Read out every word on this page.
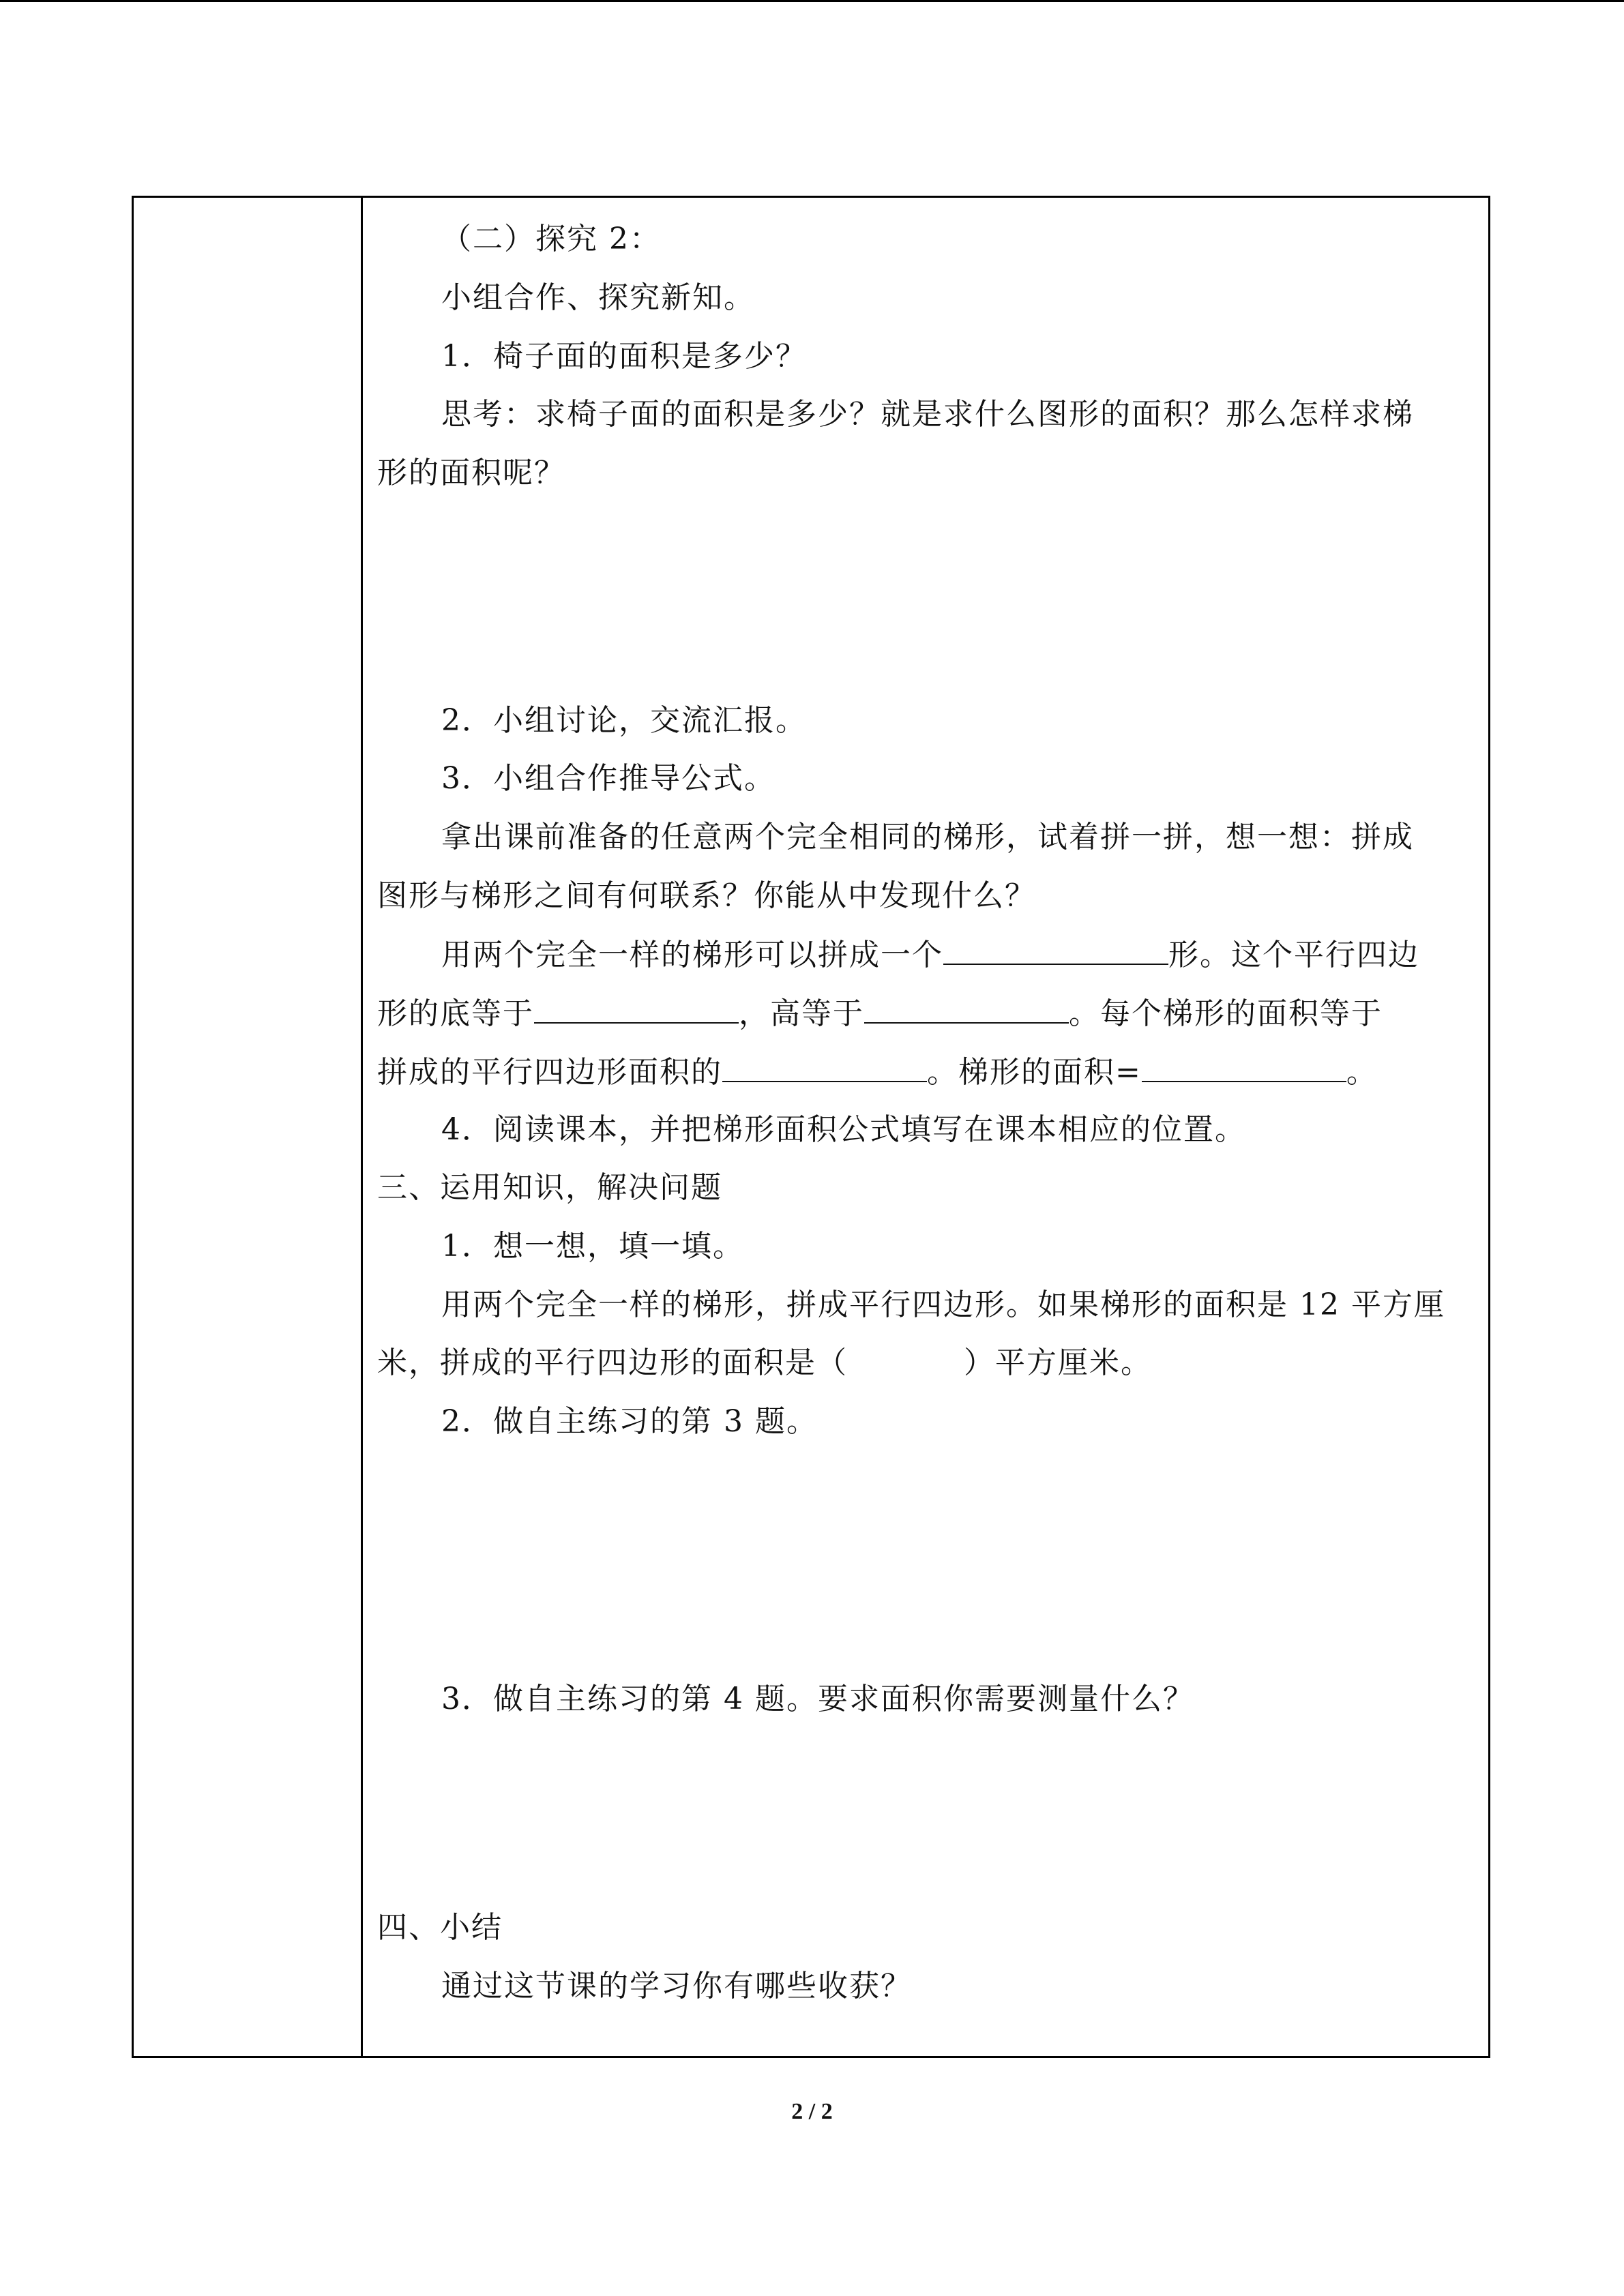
（二）探究 2：
小组合作、探究新知。
1．椅子面的面积是多少？
思考：求椅子面的面积是多少？就是求什么图形的面积？那么怎样求梯
形的面积呢？
2．小组讨论，交流汇报。
3．小组合作推导公式。
拿出课前准备的任意两个完全相同的梯形，试着拼一拼，想一想：拼成
图形与梯形之间有何联系？你能从中发现什么？
用两个完全一样的梯形可以拼成一个	形。这个平行四边
形的底等于	，高等于	。每个梯形的面积等于
拼成的平行四边形面积的	。梯形的面积=	。
4．阅读课本，并把梯形面积公式填写在课本相应的位置。
三、运用知识，解决问题
1．想一想，填一填。
用两个完全一样的梯形，拼成平行四边形。如果梯形的面积是 12 平方厘
米，拼成的平行四边形的面积是（	）平方厘米。
2．做自主练习的第 3 题。
3．做自主练习的第 4 题。要求面积你需要测量什么？
四、小结
通过这节课的学习你有哪些收获？
2 / 2
